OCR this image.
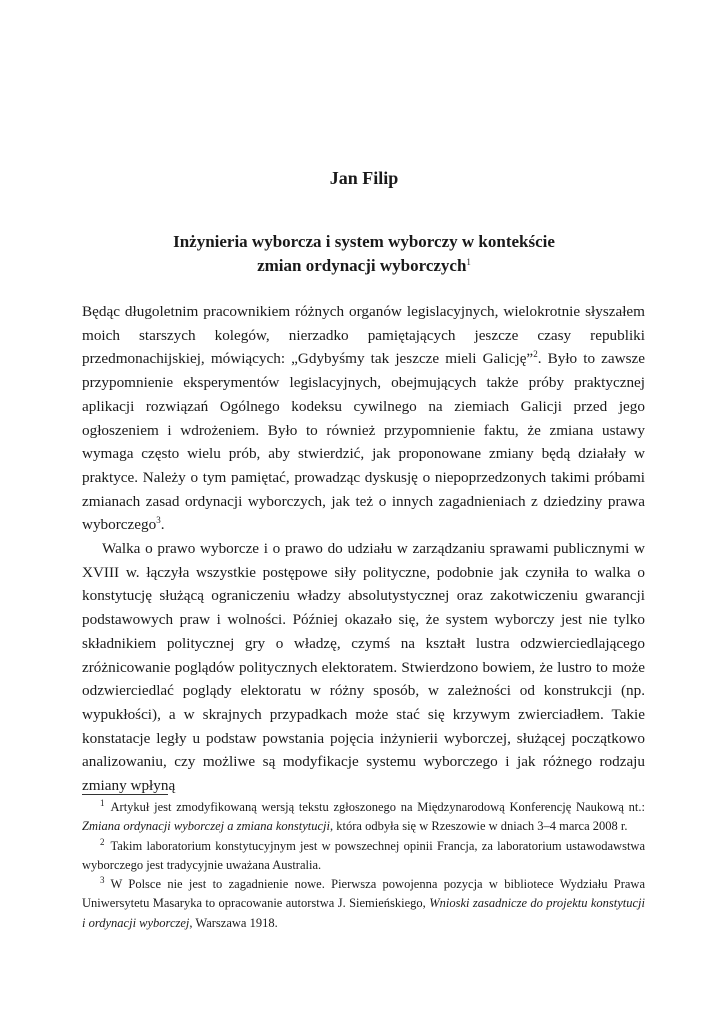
Jan Filip
Inżynieria wyborcza i system wyborczy w kontekście
zmian ordynacji wyborczych$^1$

Będąc długoletnim pracownikiem różnych organów legislacyjnych, wielokrotnie słyszałem moich starszych kolegów, nierzadko pamiętających jeszcze czasy republiki przedmonachijskiej, mówiących: „Gdybyśmy tak jeszcze mieli Galicję”$^2$. Było to zawsze przypomnienie eksperymentów legislacyjnych, obejmujących także próby praktycznej aplikacji rozwiązań Ogólnego kodeksu cywilnego na ziemiach Galicji przed jego ogłoszeniem i wdrożeniem. Było to również przypomnienie faktu, że zmiana ustawy wymaga często wielu prób, aby stwierdzić, jak proponowane zmiany będą działały w praktyce. Należy o tym pamiętać, prowadząc dyskusję o niepoprzedzonych takimi próbami zmianach zasad ordynacji wyborczych, jak też o innych zagadnieniach z dziedziny prawa wyborczego$^3$.

Walka o prawo wyborcze i o prawo do udziału w zarządzaniu sprawami publicznymi w XVIII w. łączyła wszystkie postępowe siły polityczne, podobnie jak czyniła to walka o konstytucję służącą ograniczeniu władzy absolutystycznej oraz zakotwiczeniu gwarancji podstawowych praw i wolności. Później okazało się, że system wyborczy jest nie tylko składnikiem politycznej gry o władzę, czymś na kształt lustra odzwierciedlającego zróżnicowanie poglądów politycznych elektoratem. Stwierdzono bowiem, że lustro to może odzwierciedlać poglądy elektoratu w różny sposób, w zależności od konstrukcji (np. wypukłości), a w skrajnych przypadkach może stać się krzywym zwierciadłem. Takie konstatacje legły u podstaw powstania pojęcia inżynierii wyborczej, służącej początkowo analizowaniu, czy możliwe są modyfikacje systemu wyborczego i jak różnego rodzaju zmiany wpłyną

$^1$ Artykuł jest zmodyfikowaną wersją tekstu zgłoszonego na Międzynarodową Konferencję Naukową nt.: Zmiana ordynacji wyborczej a zmiana konstytucji, która odbyła się w Rzeszowie w dniach 3–4 marca 2008 r.

$^2$ Takim laboratorium konstytucyjnym jest w powszechnej opinii Francja, za laboratorium ustawodawstwa wyborczego jest tradycyjnie uważana Australia.

$^3$ W Polsce nie jest to zagadnienie nowe. Pierwsza powojenna pozycja w bibliotece Wydziału Prawa Uniwersytetu Masaryka to opracowanie autorstwa J. Siemieńskiego, Wnioski zasadnicze do projektu konstytucji i ordynacji wyborczej, Warszawa 1918.
